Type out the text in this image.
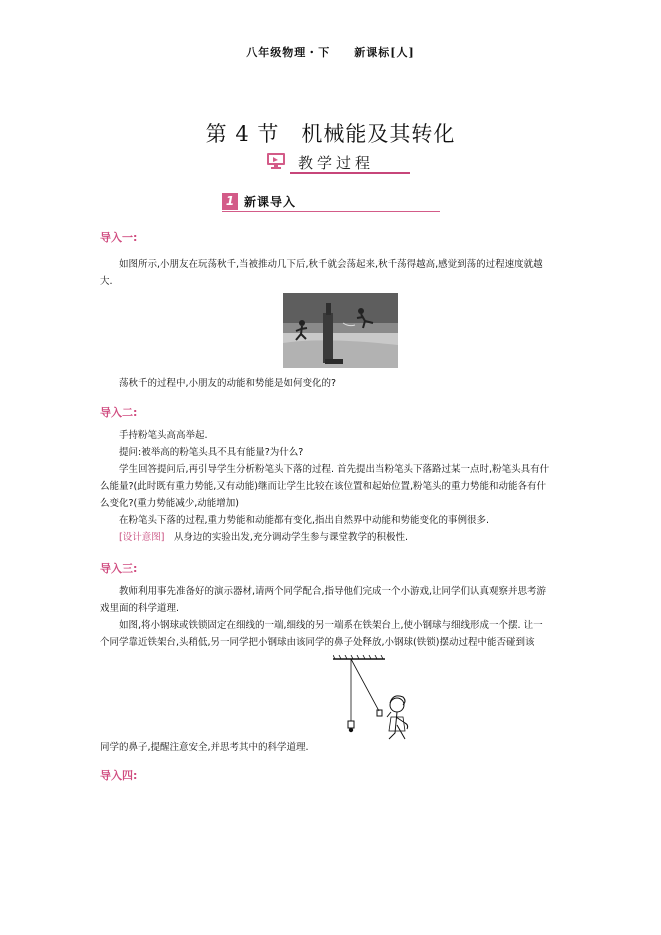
八年级物理・下　　新课标[人]
第 4 节　机械能及其转化
教学过程
1 新课导入
导入一:
如图所示,小朋友在玩荡秋千,当被推动几下后,秋千就会荡起来,秋千荡得越高,感觉到荡的过程速度就越大.
荡秋千的过程中,小朋友的动能和势能是如何变化的?
导入二:
手持粉笔头高高举起.
提问:被举高的粉笔头具不具有能量?为什么?
学生回答提问后,再引导学生分析粉笔头下落的过程. 首先提出当粉笔头下落路过某一点时,粉笔头具有什么能量?(此时既有重力势能,又有动能)继而让学生比较在该位置和起始位置,粉笔头的重力势能和动能各有什么变化?(重力势能减少,动能增加)
在粉笔头下落的过程,重力势能和动能都有变化,指出自然界中动能和势能变化的事例很多.
[设计意图]　从身边的实验出发,充分调动学生参与课堂教学的积极性.
导入三:
教师利用事先准备好的演示器材,请两个同学配合,指导他们完成一个小游戏,让同学们认真观察并思考游戏里面的科学道理.
如图,将小钢球或铁锁固定在细线的一端,细线的另一端系在铁架台上,使小钢球与细线形成一个摆. 让一个同学靠近铁架台,头稍低,另一同学把小钢球由该同学的鼻子处释放,小钢球(铁锁)摆动过程中能否碰到该
同学的鼻子,提醒注意安全,并思考其中的科学道理.
导入四:
